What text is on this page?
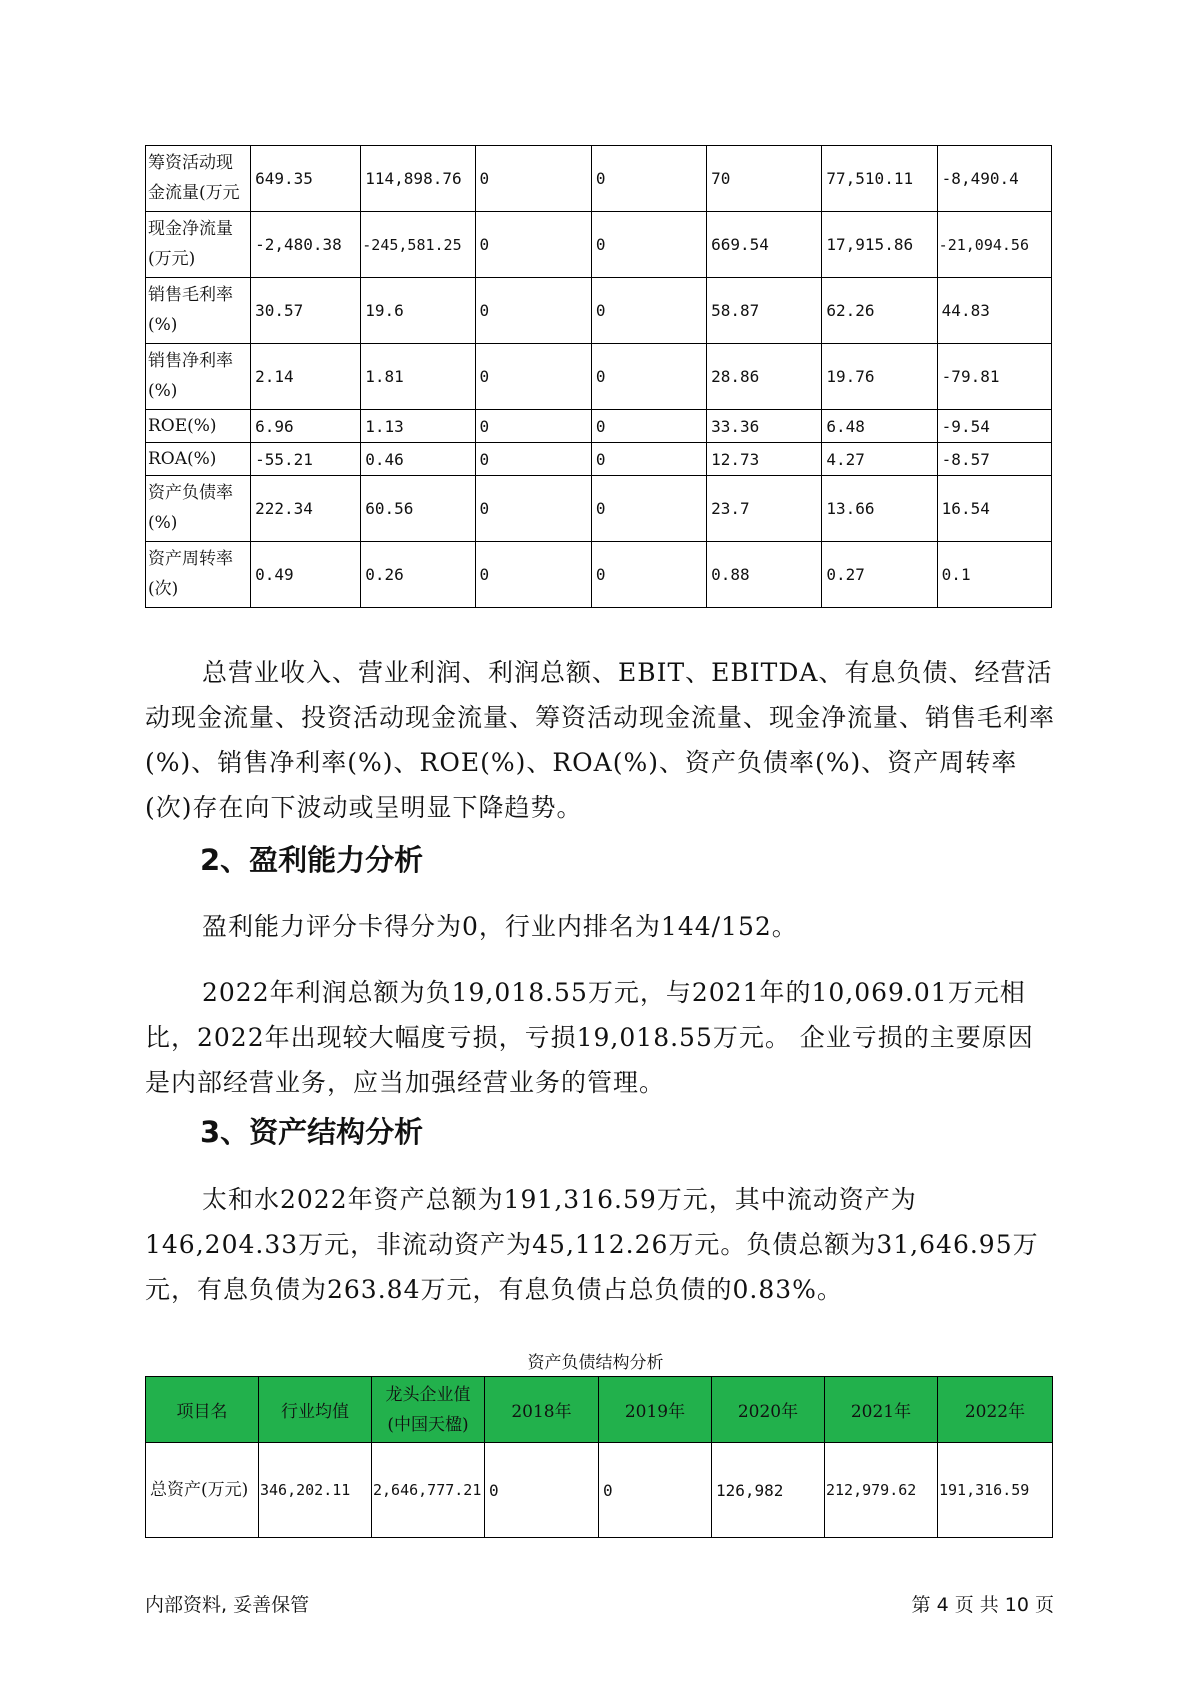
筹资活动现金流量(万元	649.35	114,898.76	0	0	70	77,510.11	-8,490.4
现金净流量(万元)	-2,480.38	-245,581.25	0	0	669.54	17,915.86	-21,094.56
销售毛利率(%)	30.57	19.6	0	0	58.87	62.26	44.83
销售净利率(%)	2.14	1.81	0	0	28.86	19.76	-79.81
ROE(%)	6.96	1.13	0	0	33.36	6.48	-9.54
ROA(%)	-55.21	0.46	0	0	12.73	4.27	-8.57
资产负债率(%)	222.34	60.56	0	0	23.7	13.66	16.54
资产周转率(次)	0.49	0.26	0	0	0.88	0.27	0.1

总营业收入、营业利润、利润总额、EBIT、EBITDA、有息负债、经营活动现金流量、投资活动现金流量、筹资活动现金流量、现金净流量、销售毛利率(%)、销售净利率(%)、ROE(%)、ROA(%)、资产负债率(%)、资产周转率(次)存在向下波动或呈明显下降趋势。

2、盈利能力分析

盈利能力评分卡得分为0，行业内排名为144/152。

2022年利润总额为负19,018.55万元，与2021年的10,069.01万元相比，2022年出现较大幅度亏损，亏损19,018.55万元。 企业亏损的主要原因是内部经营业务，应当加强经营业务的管理。

3、资产结构分析

太和水2022年资产总额为191,316.59万元，其中流动资产为146,204.33万元，非流动资产为45,112.26万元。负债总额为31,646.95万元，有息负债为263.84万元，有息负债占总负债的0.83%。

资产负债结构分析
项目名	行业均值	龙头企业值(中国天楹)	2018年	2019年	2020年	2021年	2022年
总资产(万元)	346,202.11	2,646,777.21	0	0	126,982	212,979.62	191,316.59
内部资料, 妥善保管	第 4 页 共 10 页
